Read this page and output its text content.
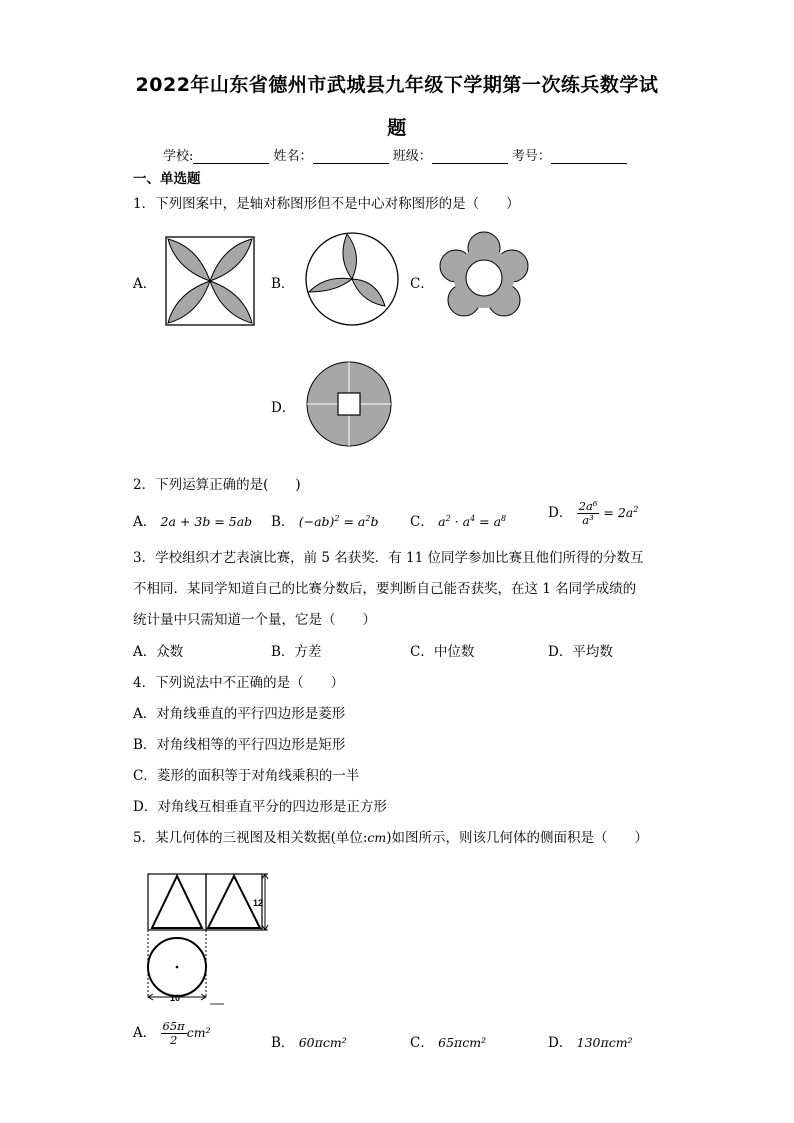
2022年山东省德州市武城县九年级下学期第一次练兵数学试
题
学校:	姓名：	班级：	考号：
一、单选题
1．下列图案中，是轴对称图形但不是中心对称图形的是（　　）
A．	B．	C．
D．
2．下列运算正确的是(　　)
A． 2a + 3b = 5ab B． $(-ab)^2 = a^2b$ C． $a^2 \cdot a^4 = a^8$	D． $\frac{\text{2a⁶}}{\text{a³}} = 2a^2$
3．学校组织才艺表演比赛，前 5 名获奖．有 11 位同学参加比赛且他们所得的分数互
不相同．某同学知道自己的比赛分数后，要判断自己能否获奖，在这 1 名同学成绩的
统计量中只需知道一个量，它是（　　）
A．众数	B．方差	C．中位数	D．平均数
4．下列说法中不正确的是（　　）
A．对角线垂直的平行四边形是菱形
B．对角线相等的平行四边形是矩形
C．菱形的面积等于对角线乘积的一半
D．对角线互相垂直平分的四边形是正方形
5．某几何体的三视图及相关数据(单位:cm)如图所示，则该几何体的侧面积是（　　）
12
10
A． $\frac{65\pi}{2} cm^2$
B． 60πcm²	C． 65πcm²	D． 130πcm²
